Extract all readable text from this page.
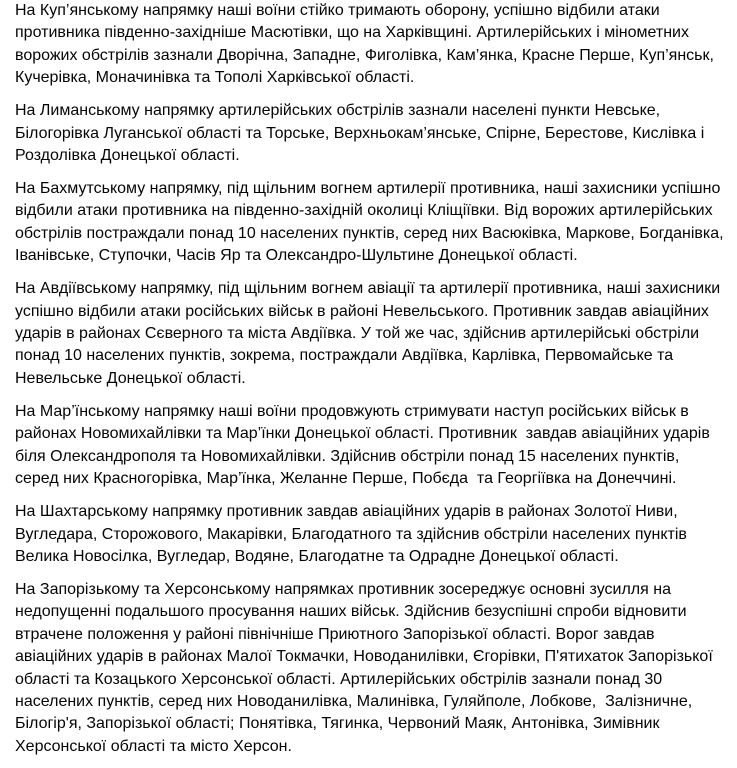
На Куп’янському напрямку наші воїни стійко тримають оборону, успішно відбили атаки противника південно-західніше Масютівки, що на Харківщині. Артилерійських і мінометних ворожих обстрілів зазнали Дворічна, Западне, Фиголівка, Кам’янка, Красне Перше, Куп’янськ, Кучерівка, Моначинівка та Тополі Харківської області.

На Лиманському напрямку артилерійських обстрілів зазнали населені пункти Невське, Білогорівка Луганської області та Торське, Верхньокам’янське, Спірне, Берестове, Кислівка і Роздолівка Донецької області.

На Бахмутському напрямку, під щільним вогнем артилерії противника, наші захисники успішно відбили атаки противника на південно-західній околиці Кліщіївки. Від ворожих артилерійських обстрілів постраждали понад 10 населених пунктів, серед них Васюківка, Маркове, Богданівка, Іванівське, Ступочки, Часів Яр та Олександро-Шультине Донецької області.

На Авдіївському напрямку, під щільним вогнем авіації та артилерії противника, наші захисники успішно відбили атаки російських військ в районі Невельського. Противник завдав авіаційних ударів в районах Сєверного та міста Авдіївка. У той же час, здійснив артилерійські обстріли понад 10 населених пунктів, зокрема, постраждали Авдіївка, Карлівка, Первомайське та Невельське Донецької області.

На Мар’їнському напрямку наші воїни продовжують стримувати наступ російських військ в районах Новомихайлівки та Мар’їнки Донецької області. Противник  завдав авіаційних ударів біля Олександрополя та Новомихайлівки. Здійснив обстріли понад 15 населених пунктів, серед них Красногорівка, Мар’їнка, Желанне Перше, Побєда  та Георгіївка на Донеччині.

На Шахтарському напрямку противник завдав авіаційних ударів в районах Золотої Ниви, Вугледара, Сторожового, Макарівки, Благодатного та здійснив обстріли населених пунктів Велика Новосілка, Вугледар, Водяне, Благодатне та Одрадне Донецької області.

На Запорізькому та Херсонському напрямках противник зосереджує основні зусилля на недопущенні подальшого просування наших військ. Здійснив безуспішні спроби відновити втрачене положення у районі північніше Приютного Запорізької області. Ворог завдав авіаційних ударів в районах Малої Токмачки, Новоданилівки, Єгорівки, П'ятихаток Запорізької області та Козацького Херсонської області. Артилерійських обстрілів зазнали понад 30 населених пунктів, серед них Новоданилівка, Малинівка, Гуляйполе, Лобкове,  Залізничне, Білогір'я, Запорізької області; Понятівка, Тягинка, Червоний Маяк, Антонівка, Зимівник Херсонської області та місто Херсон.
